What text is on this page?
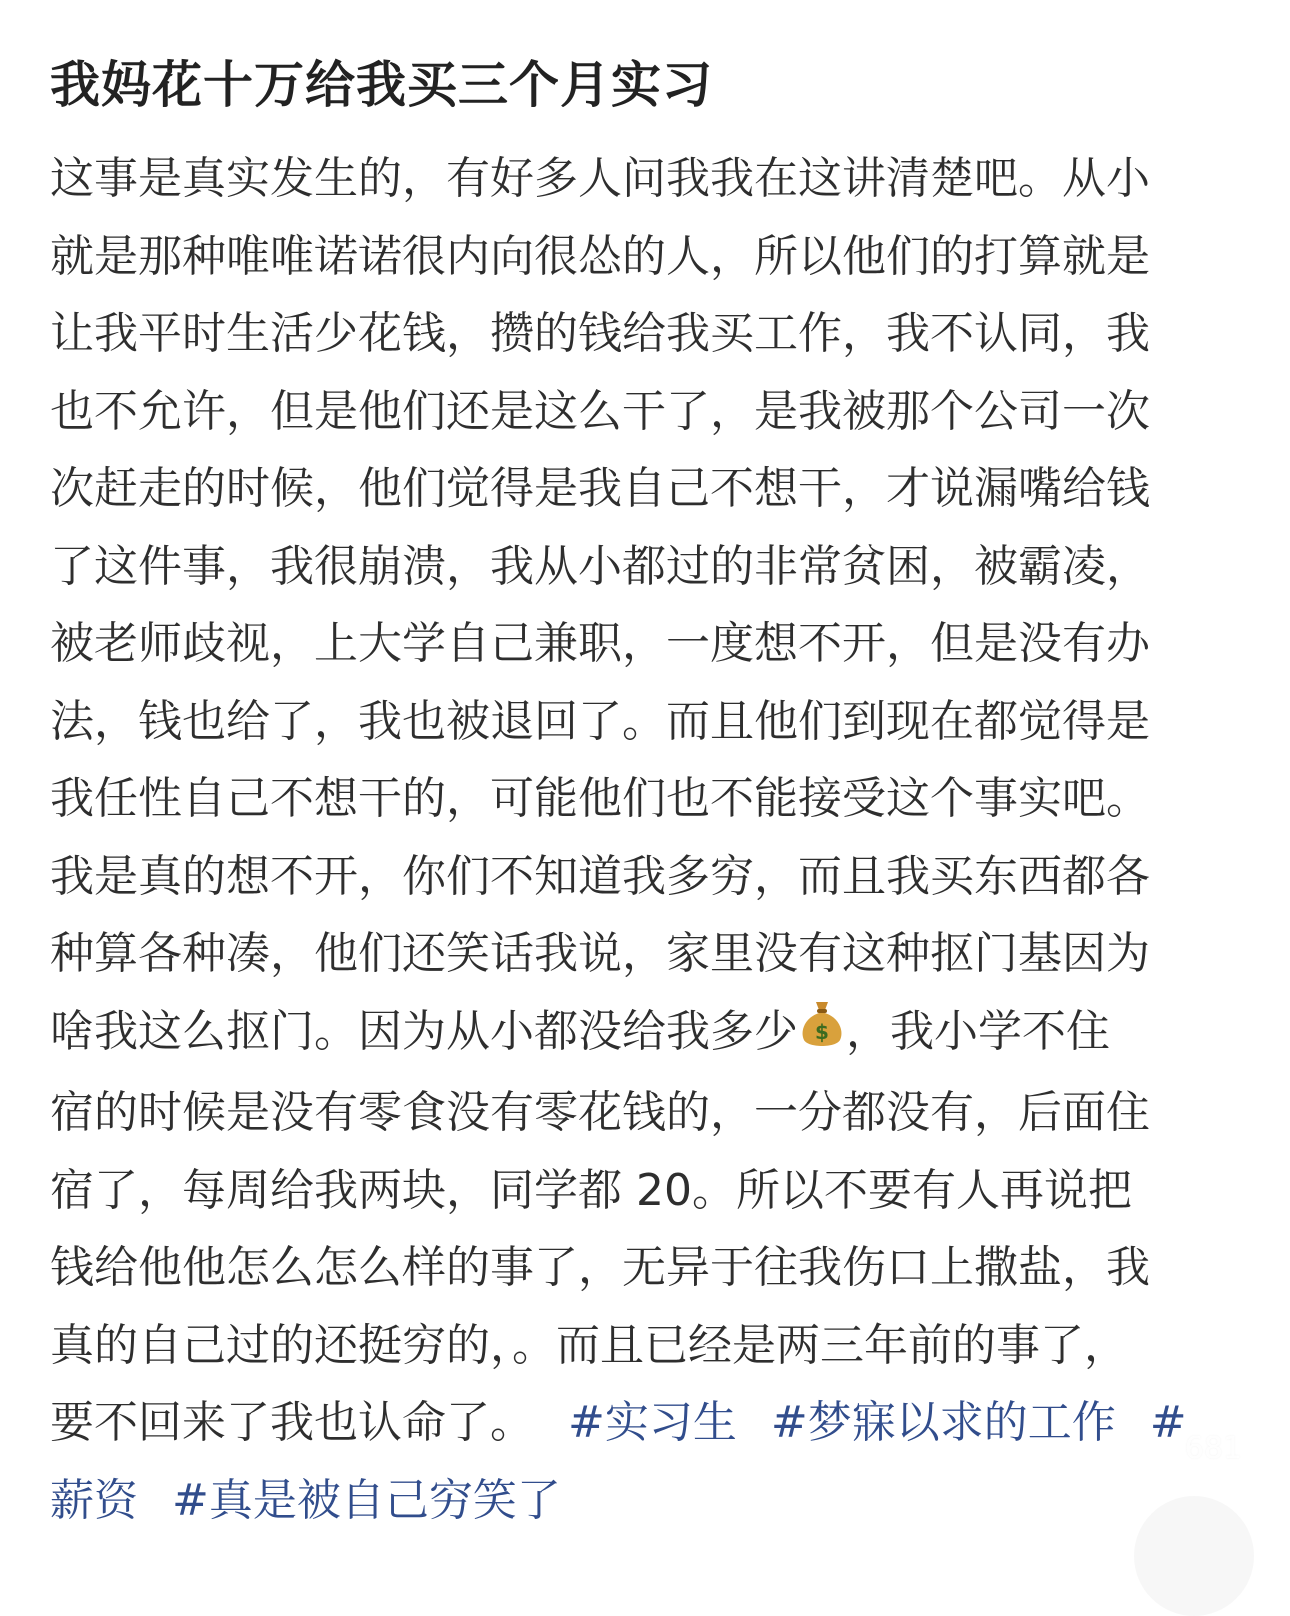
我妈花十万给我买三个月实习
这事是真实发生的，有好多人问我我在这讲清楚吧。从小
就是那种唯唯诺诺很内向很怂的人，所以他们的打算就是
让我平时生活少花钱，攒的钱给我买工作，我不认同，我
也不允许，但是他们还是这么干了，是我被那个公司一次
次赶走的时候，他们觉得是我自己不想干，才说漏嘴给钱
了这件事，我很崩溃，我从小都过的非常贫困，被霸凌，
被老师歧视，上大学自己兼职，一度想不开，但是没有办
法，钱也给了，我也被退回了。而且他们到现在都觉得是
我任性自己不想干的，可能他们也不能接受这个事实吧。
我是真的想不开，你们不知道我多穷，而且我买东西都各
种算各种凑，他们还笑话我说，家里没有这种抠门基因为
啥我这么抠门。因为从小都没给我多少 $ ，我小学不住
宿的时候是没有零食没有零花钱的，一分都没有，后面住
宿了，每周给我两块，同学都 20。所以不要有人再说把
钱给他他怎么怎么样的事了，无异于往我伤口上撒盐，我
真的自己过的还挺穷的，。而且已经是两三年前的事了，
要不回来了我也认命了。 #实习生 #梦寐以求的工作 #
薪资 #真是被自己穷笑了
681
